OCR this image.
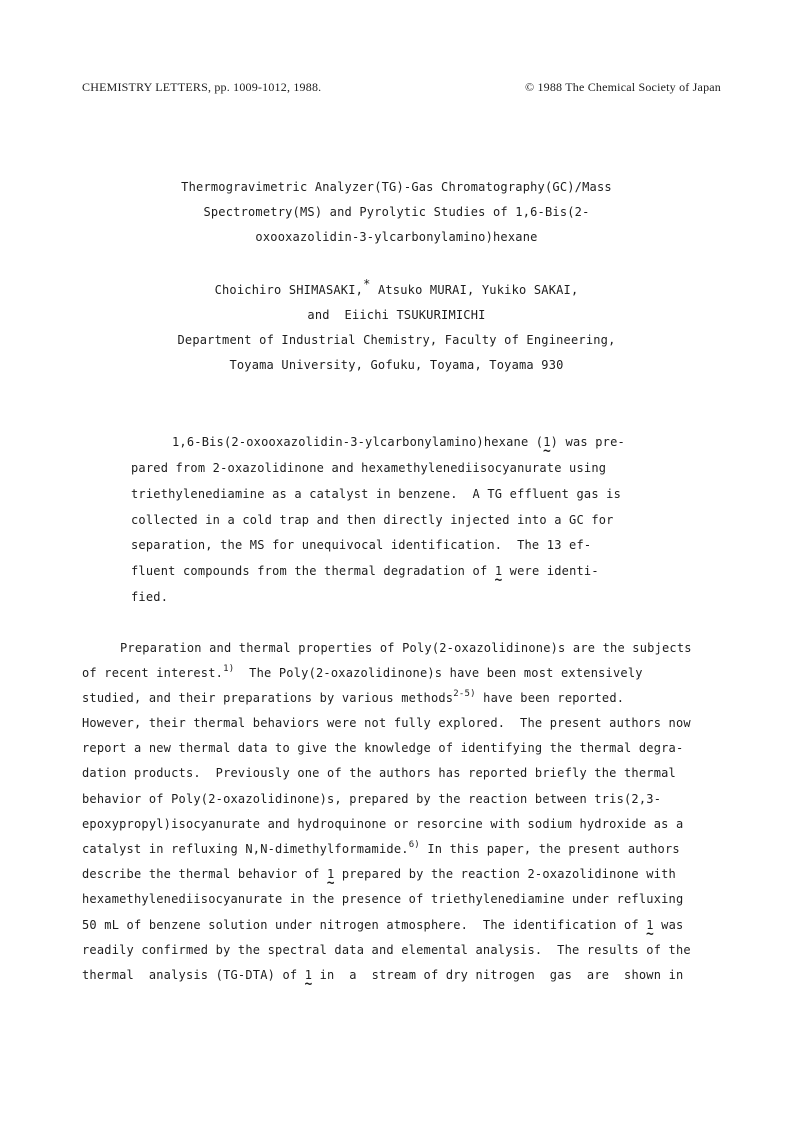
CHEMISTRY LETTERS, pp. 1009-1012, 1988.	© 1988 The Chemical Society of Japan
Thermogravimetric Analyzer(TG)-Gas Chromatography(GC)/Mass
Spectrometry(MS) and Pyrolytic Studies of 1,6-Bis(2-
oxooxazolidin-3-ylcarbonylamino)hexane
Choichiro SHIMASAKI,* Atsuko MURAI, Yukiko SAKAI,
and  Eiichi TSUKURIMICHI
Department of Industrial Chemistry, Faculty of Engineering,
Toyama University, Gofuku, Toyama, Toyama 930
1,6-Bis(2-oxooxazolidin-3-ylcarbonylamino)hexane (1 ~) was pre-
pared from 2-oxazolidinone and hexamethylenediisocyanurate using
triethylenediamine as a catalyst in benzene.  A TG effluent gas is
collected in a cold trap and then directly injected into a GC for
separation, the MS for unequivocal identification.  The 13 ef-
fluent compounds from the thermal degradation of 1 ~ were identi-
fied.
Preparation and thermal properties of Poly(2-oxazolidinone)s are the subjects
of recent interest.$^{1)}$  The Poly(2-oxazolidinone)s have been most extensively
studied, and their preparations by various methods$^{2-5)}$ have been reported.
However, their thermal behaviors were not fully explored.  The present authors now
report a new thermal data to give the knowledge of identifying the thermal degra-
dation products.  Previously one of the authors has reported briefly the thermal
behavior of Poly(2-oxazolidinone)s, prepared by the reaction between tris(2,3-
epoxypropyl)isocyanurate and hydroquinone or resorcine with sodium hydroxide as a
catalyst in refluxing N,N-dimethylformamide.$^{6)}$ In this paper, the present authors
describe the thermal behavior of 1 ~ prepared by the reaction 2-oxazolidinone with
hexamethylenediisocyanurate in the presence of triethylenediamine under refluxing
50 mL of benzene solution under nitrogen atmosphere.  The identification of 1 ~ was
readily confirmed by the spectral data and elemental analysis.  The results of the
thermal  analysis (TG-DTA) of 1 ~ in  a  stream of dry nitrogen  gas  are  shown in
